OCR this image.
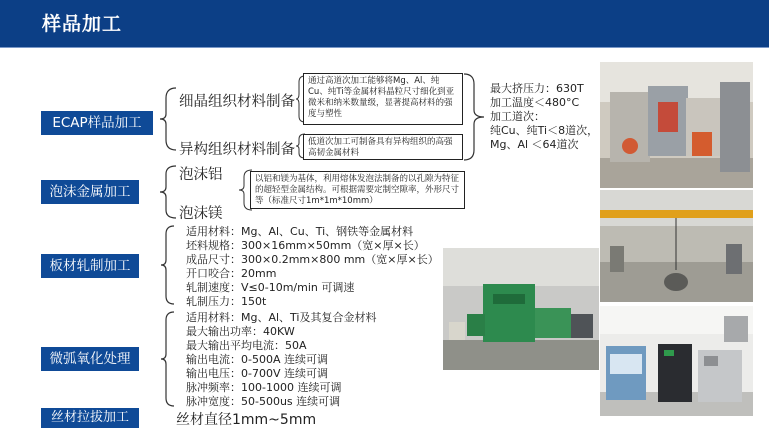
样品加工
ECAP样品加工
泡沫金属加工
板材轧制加工
微弧氧化处理
丝材拉拔加工
细晶组织材料制备
异构组织材料制备
通过高道次加工能够将Mg、Al、纯Cu、纯Ti等金属材料晶粒尺寸细化到亚微米和纳米数量级，显著提高材料的强度与塑性
低道次加工可制备具有异构组织的高强高韧金属材料
最大挤压力：630T
加工温度＜480°C
加工道次：
纯Cu、纯Ti＜8道次，
Mg、Al ＜64道次
泡沫铝
泡沫镁
以铝和镁为基体，利用熔体发泡法制备的以孔隙为特征的超轻型金属结构。可根据需要定制空隙率，外形尺寸等（标准尺寸1m*1m*10mm）
适用材料：Mg、Al、Cu、Ti、钢铁等金属材料
坯料规格：300×16mm×50mm（宽×厚×长）
成品尺寸：300×0.2mm×800 mm（宽×厚×长）
开口咬合：20mm
轧制速度：V≤0-10m/min 可调速
轧制压力：150t
适用材料：Mg、Al、Ti及其复合金材料
最大输出功率：40KW
最大输出平均电流：50A
输出电流：0-500A 连续可调
输出电压：0-700V 连续可调
脉冲频率：100-1000 连续可调
脉冲宽度：50-500us 连续可调
丝材直径1mm~5mm
